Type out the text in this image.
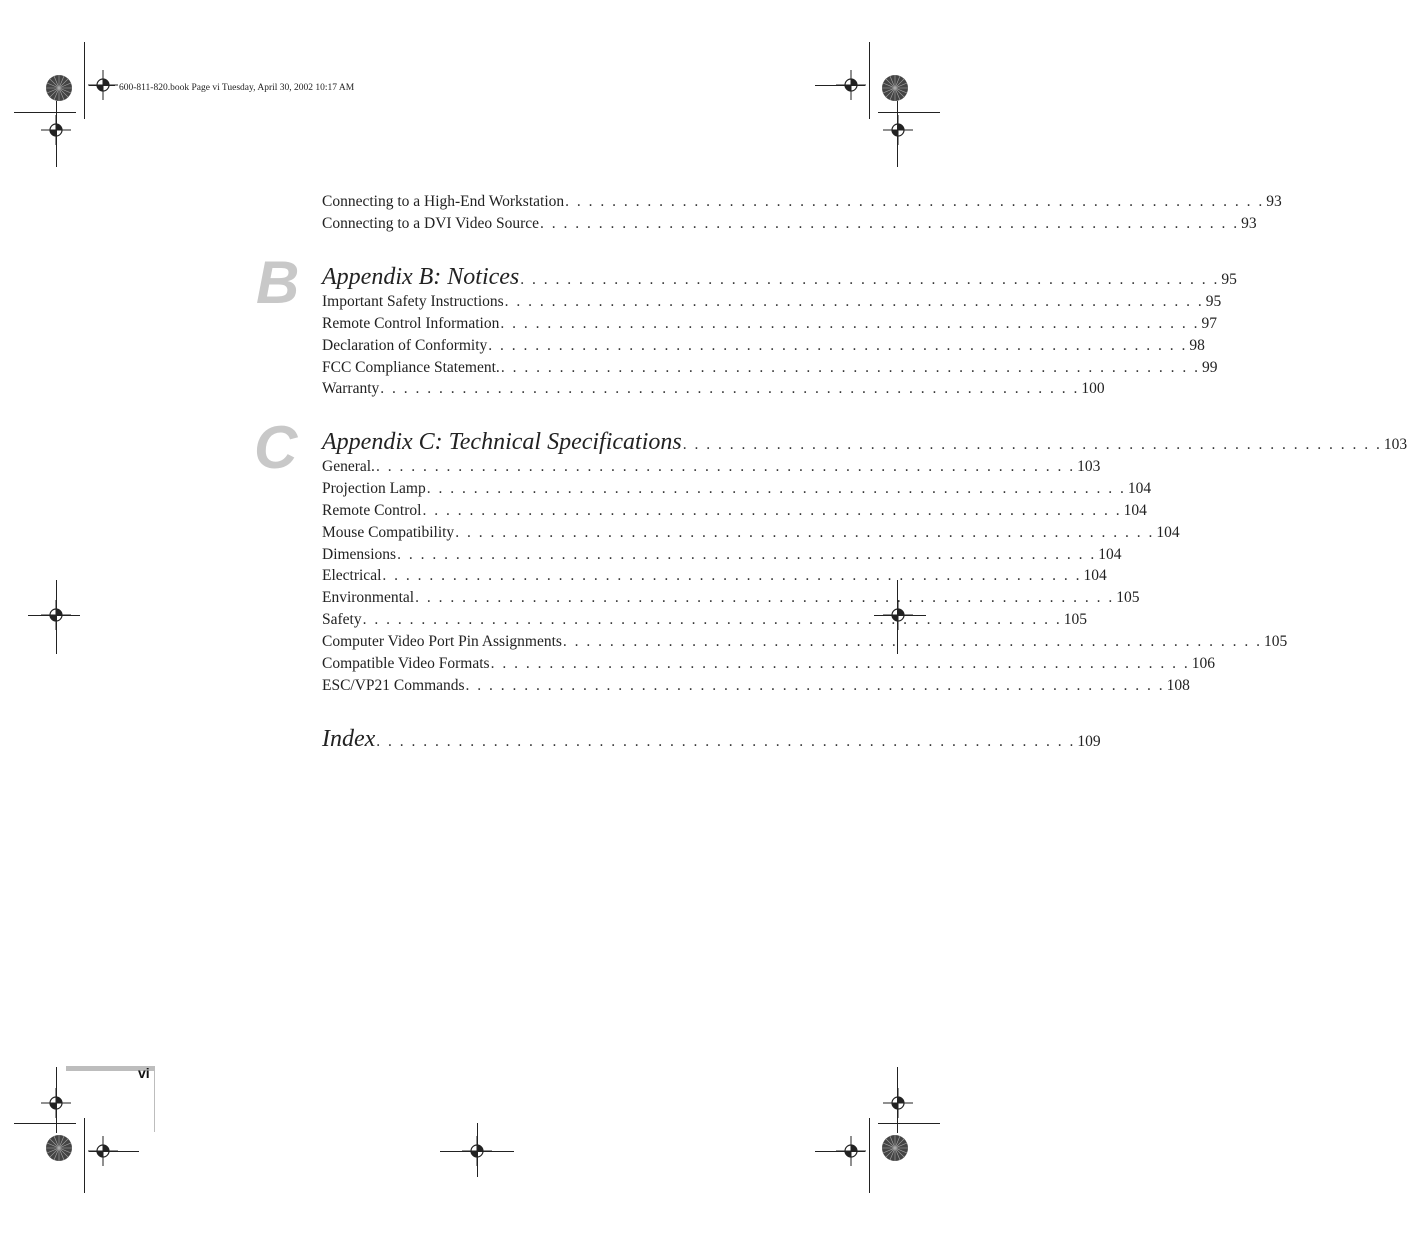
600-811-820.book Page vi Tuesday, April 30, 2002 10:17 AM
B
C
Connecting to a High-End Workstation . . . . . . . . . . . . . . . . . . . . . . . . . . . . . . . . . . . . . . . . . . . . . . . . . . . . . . . . . . . . 93
Connecting to a DVI Video Source . . . . . . . . . . . . . . . . . . . . . . . . . . . . . . . . . . . . . . . . . . . . . . . . . . . . . . . . . . . . 93
Appendix B: Notices . . . . . . . . . . . . . . . . . . . . . . . . . . . . . . . . . . . . . . . . . . . . . . . . . . . . . . . . . . . . 95
Important Safety Instructions . . . . . . . . . . . . . . . . . . . . . . . . . . . . . . . . . . . . . . . . . . . . . . . . . . . . . . . . . . . . 95
Remote Control Information . . . . . . . . . . . . . . . . . . . . . . . . . . . . . . . . . . . . . . . . . . . . . . . . . . . . . . . . . . . . 97
Declaration of Conformity . . . . . . . . . . . . . . . . . . . . . . . . . . . . . . . . . . . . . . . . . . . . . . . . . . . . . . . . . . . . 98
FCC Compliance Statement. . . . . . . . . . . . . . . . . . . . . . . . . . . . . . . . . . . . . . . . . . . . . . . . . . . . . . . . . . . . . 99
Warranty . . . . . . . . . . . . . . . . . . . . . . . . . . . . . . . . . . . . . . . . . . . . . . . . . . . . . . . . . . . . 100
Appendix C: Technical Specifications . . . . . . . . . . . . . . . . . . . . . . . . . . . . . . . . . . . . . . . . . . . . . . . . . . . . . . . . . . . . 103
General. . . . . . . . . . . . . . . . . . . . . . . . . . . . . . . . . . . . . . . . . . . . . . . . . . . . . . . . . . . . . 103
Projection Lamp . . . . . . . . . . . . . . . . . . . . . . . . . . . . . . . . . . . . . . . . . . . . . . . . . . . . . . . . . . . . 104
Remote Control . . . . . . . . . . . . . . . . . . . . . . . . . . . . . . . . . . . . . . . . . . . . . . . . . . . . . . . . . . . . 104
Mouse Compatibility . . . . . . . . . . . . . . . . . . . . . . . . . . . . . . . . . . . . . . . . . . . . . . . . . . . . . . . . . . . . 104
Dimensions . . . . . . . . . . . . . . . . . . . . . . . . . . . . . . . . . . . . . . . . . . . . . . . . . . . . . . . . . . . . 104
Electrical . . . . . . . . . . . . . . . . . . . . . . . . . . . . . . . . . . . . . . . . . . . . . . . . . . . . . . . . . . . . 104
Environmental . . . . . . . . . . . . . . . . . . . . . . . . . . . . . . . . . . . . . . . . . . . . . . . . . . . . . . . . . . . . 105
Safety . . . . . . . . . . . . . . . . . . . . . . . . . . . . . . . . . . . . . . . . . . . . . . . . . . . . . . . . . . . . 105
Computer Video Port Pin Assignments . . . . . . . . . . . . . . . . . . . . . . . . . . . . . . . . . . . . . . . . . . . . . . . . . . . . . . . . . . . . 105
Compatible Video Formats . . . . . . . . . . . . . . . . . . . . . . . . . . . . . . . . . . . . . . . . . . . . . . . . . . . . . . . . . . . . 106
ESC/VP21 Commands . . . . . . . . . . . . . . . . . . . . . . . . . . . . . . . . . . . . . . . . . . . . . . . . . . . . . . . . . . . . 108
Index . . . . . . . . . . . . . . . . . . . . . . . . . . . . . . . . . . . . . . . . . . . . . . . . . . . . . . . . . . . . 109
vi
